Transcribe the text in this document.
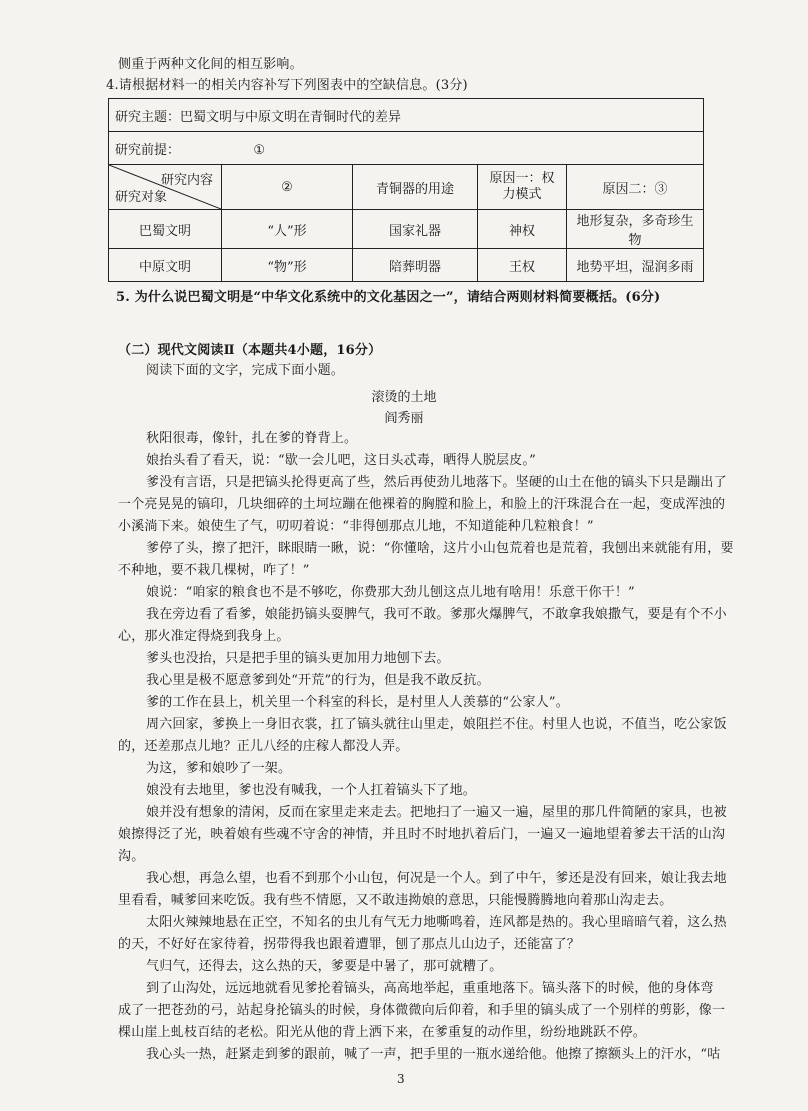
侧重于两种文化间的相互影响。
4.请根据材料一的相关内容补写下列图表中的空缺信息。(3分)
研究主题：巴蜀文明与中原文明在青铜时代的差异				
研究前提： ①				

研究内容
研究对象	②	青铜器的用途	原因一：权力模式	原因二：③
巴蜀文明	“人”形	国家礼器	神权	地形复杂，多奇珍生物
中原文明	“物”形	陪葬明器	王权	地势平坦，湿润多雨
5. 为什么说巴蜀文明是“中华文化系统中的文化基因之一”，请结合两则材料简要概括。(6分)
（二）现代文阅读Ⅱ（本题共4小题，16分）
阅读下面的文字，完成下面小题。
滚烫的土地
阎秀丽
秋阳很毒，像针，扎在爹的脊背上。
娘抬头看了看天，说：“歇一会儿吧，这日头忒毒，晒得人脱层皮。”
爹没有言语，只是把镐头抡得更高了些，然后再使劲儿地落下。坚硬的山土在他的镐头下只是蹦出了
一个亮晃晃的镐印，几块细碎的土坷垃蹦在他裸着的胸膛和脸上，和脸上的汗珠混合在一起，变成浑浊的
小溪淌下来。娘使生了气，叨叨着说：“非得刨那点儿地，不知道能种几粒粮食！”
爹停了头，擦了把汗，眯眼睛一瞅，说：“你懂啥，这片小山包荒着也是荒着，我刨出来就能有用，要
不种地，要不栽几棵树，咋了！”
娘说：“咱家的粮食也不是不够吃，你费那大劲儿刨这点儿地有啥用！乐意干你干！”
我在旁边看了看爹，娘能扔镐头耍脾气，我可不敢。爹那火爆脾气，不敢拿我娘撒气，要是有个不小
心，那火准定得烧到我身上。
爹头也没抬，只是把手里的镐头更加用力地刨下去。
我心里是极不愿意爹到处“开荒”的行为，但是我不敢反抗。
爹的工作在县上，机关里一个科室的科长，是村里人人羡慕的“公家人”。
周六回家，爹换上一身旧衣裳，扛了镐头就往山里走，娘阻拦不住。村里人也说，不值当，吃公家饭
的，还差那点儿地？正儿八经的庄稼人都没人弄。
为这，爹和娘吵了一架。
娘没有去地里，爹也没有喊我，一个人扛着镐头下了地。
娘并没有想象的清闲，反而在家里走来走去。把地扫了一遍又一遍，屋里的那几件简陋的家具，也被
娘擦得泛了光，映着娘有些魂不守舍的神情，并且时不时地扒着后门，一遍又一遍地望着爹去干活的山沟
沟。
我心想，再急么望，也看不到那个小山包，何况是一个人。到了中午，爹还是没有回来，娘让我去地
里看看，喊爹回来吃饭。我有些不情愿，又不敢违拗娘的意思，只能慢腾腾地向着那山沟走去。
太阳火辣辣地悬在正空，不知名的虫儿有气无力地嘶鸣着，连风都是热的。我心里暗暗气着，这么热
的天，不好好在家待着，拐带得我也跟着遭罪，刨了那点儿山边子，还能富了？
气归气，还得去，这么热的天，爹要是中暑了，那可就糟了。
到了山沟处，远远地就看见爹抡着镐头，高高地举起，重重地落下。镐头落下的时候，他的身体弯
成了一把苍劲的弓，站起身抡镐头的时候，身体微微向后仰着，和手里的镐头成了一个别样的剪影，像一
棵山崖上虬枝百结的老松。阳光从他的背上洒下来，在爹重复的动作里，纷纷地跳跃不停。
我心头一热，赶紧走到爹的跟前，喊了一声，把手里的一瓶水递给他。他擦了擦额头上的汗水，“咕
3
